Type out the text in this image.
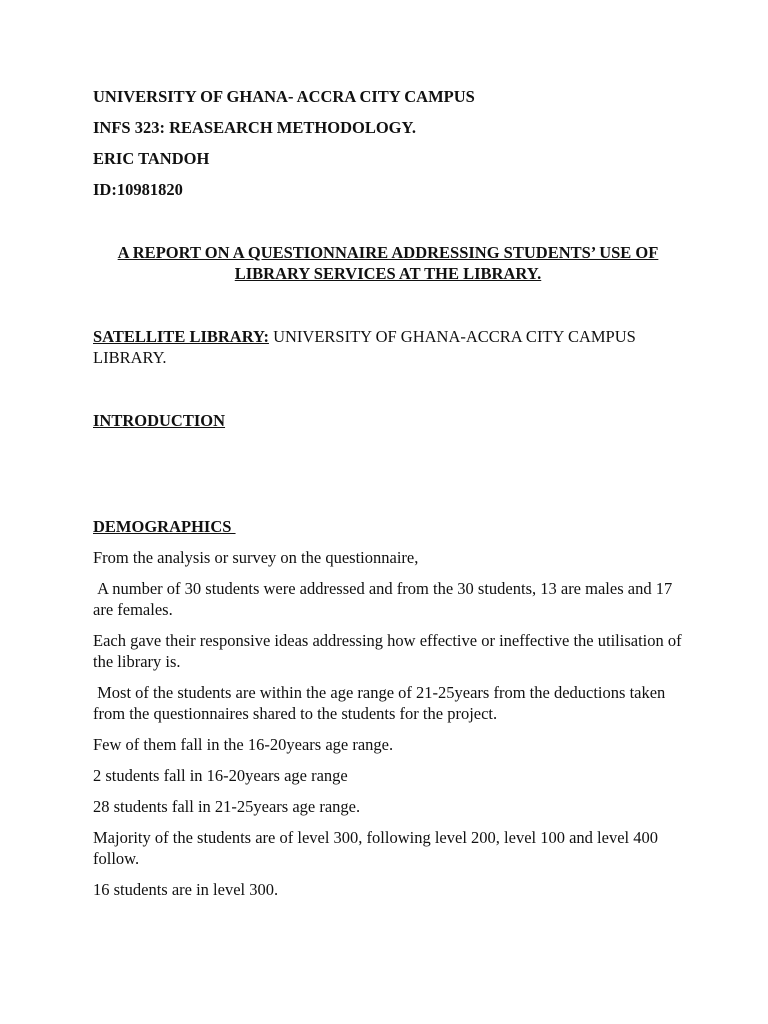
UNIVERSITY OF GHANA- ACCRA CITY CAMPUS
INFS 323: REASEARCH METHODOLOGY.
ERIC TANDOH
ID:10981820
A REPORT ON A QUESTIONNAIRE ADDRESSING STUDENTS’ USE OF LIBRARY SERVICES AT THE LIBRARY.
SATELLITE LIBRARY: UNIVERSITY OF GHANA-ACCRA CITY CAMPUS LIBRARY.
INTRODUCTION
DEMOGRAPHICS
From the analysis or survey on the questionnaire,
A number of 30 students were addressed and from the 30 students, 13 are males and 17 are females.
Each gave their responsive ideas addressing how effective or ineffective the utilisation of the library is.
Most of the students are within the age range of 21-25years from the deductions taken from the questionnaires shared to the students for the project.
Few of them fall in the 16-20years age range.
2 students fall in 16-20years age range
28 students fall in 21-25years age range.
Majority of the students are of level 300, following level 200, level 100 and level 400 follow.
16 students are in level 300.
